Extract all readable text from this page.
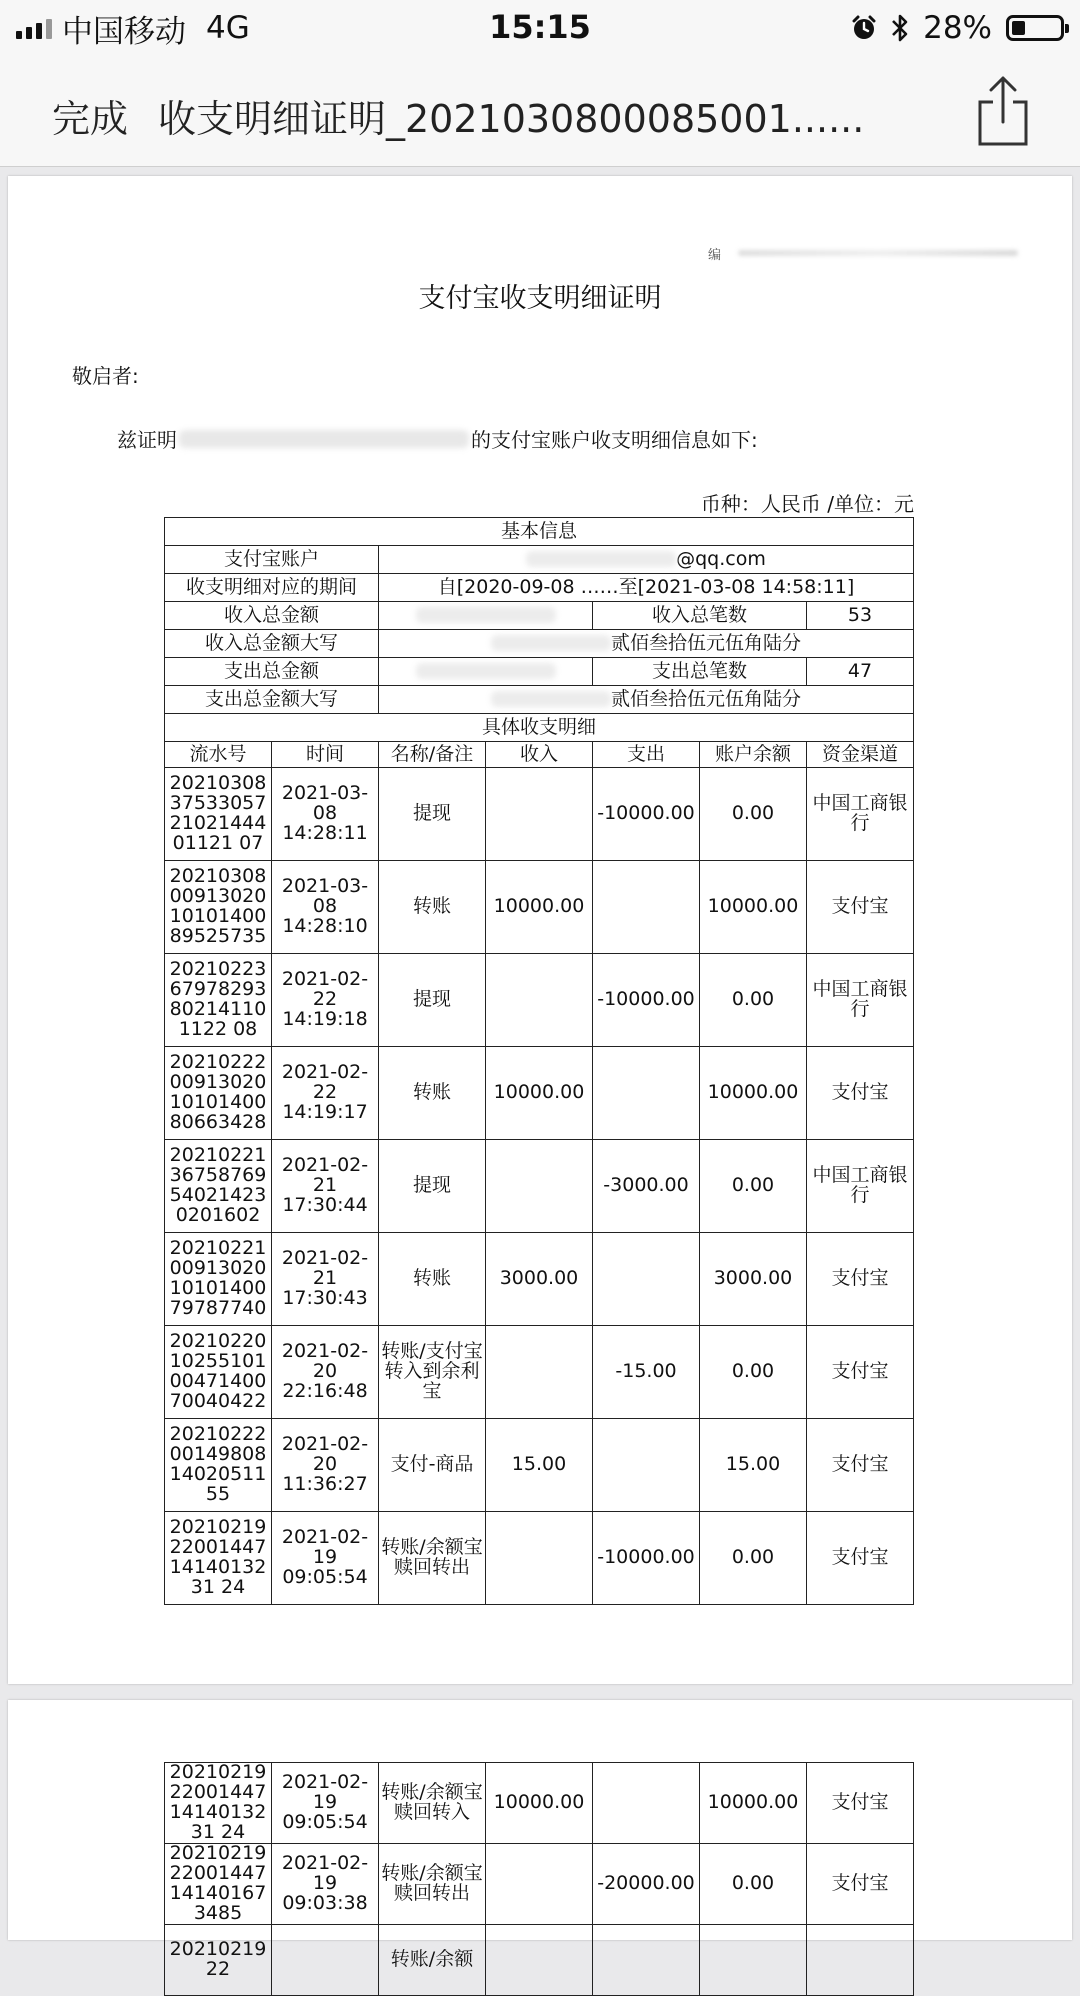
中国移动 4G	15:15	28%
完成 收支明细证明_2021030800085001......
编
支付宝收支明细证明
敬启者:
兹证明	的支付宝账户收支明细信息如下:
币种：人民币 /单位：元
基本信息						
支付宝账户		@qq.com				
收支明细对应的期间		自[2020-09-08 ……至[2021-03-08 14:58:11]				
收入总金额				收入总笔数		53
收入总金额大写		贰佰叁拾伍元伍角陆分				
支出总金额				支出总笔数		47
支出总金额大写		贰佰叁拾伍元伍角陆分				
具体收支明细						
流水号	时间	名称/备注	收入	支出	账户余额	资金渠道
20210308375330572102144401121 07	2021-03-08
14:28:11	提现		-10000.00	0.00	中国工商银行
20210308009130201010140089525735	2021-03-08
14:28:10	转账	10000.00		10000.00	支付宝
2021022367978293802141101122 08	2021-02-22
14:19:18	提现		-10000.00	0.00	中国工商银行
20210222009130201010140080663428	2021-02-22
14:19:17	转账	10000.00		10000.00	支付宝
2021022136758769540214230201602	2021-02-21
17:30:44	提现		-3000.00	0.00	中国工商银行
20210221009130201010140079787740	2021-02-21
17:30:43	转账	3000.00		3000.00	支付宝
20210220102551010047140070040422	2021-02-20
22:16:48	转账/支付宝转入到余利宝		-15.00	0.00	支付宝
202102220014980814020511 55	2021-02-20
11:36:27	支付-商品	15.00		15.00	支付宝
202102192200144714140132 31 24	2021-02-19
09:05:54	转账/余额宝赎回转出		-10000.00	0.00	支付宝
202102192200144714140132 31 24	2021-02-19
09:05:54	转账/余额宝赎回转入	10000.00		10000.00	支付宝
2021021922001447141401673485	2021-02-19
09:03:38	转账/余额宝赎回转出		-20000.00	0.00	支付宝
2021021922		转账/余额				
